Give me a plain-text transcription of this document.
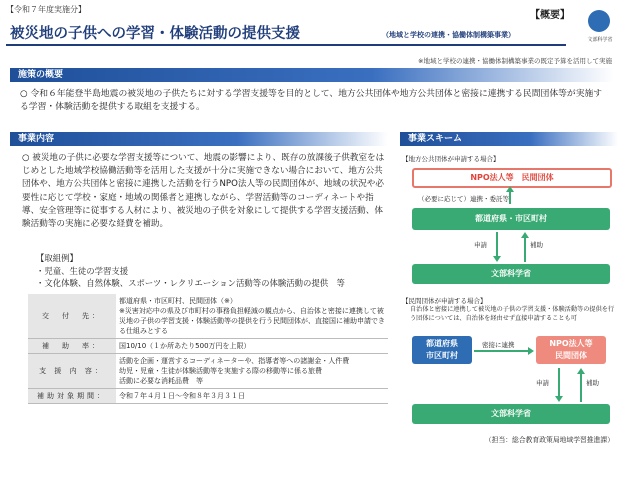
【令和７年度実施分】
【概要】
被災地の子供への学習・体験活動の提供支援	（地域と学校の連携・協働体制構築事業）
文部科学省
※地域と学校の連携・協働体制構築事業の既定予算を活用して実施
施策の概要
○ 令和６年能登半島地震の被災地の子供たちに対する学習支援等を目的として、地方公共団体や地方公共団体と密接に連携する民間団体等が実施する学習・体験活動を提供する取組を支援する。
事業内容
○ 被災地の子供に必要な学習支援等について、地震の影響により、既存の放課後子供教室をはじめとした地域学校協働活動等を活用した支援が十分に実施できない場合において、地方公共団体や、地方公共団体と密接に連携した活動を行うNPO法人等の民間団体が、地域の状況や必要性に応じて学校・家庭・地域の関係者と連携しながら、学習活動等のコーディネートや指導、安全管理等に従事する人材により、被災地の子供を対象にして提供する学習支援活動、体験活動等の実施に必要な経費を補助。
【取組例】
・児童、生徒の学習支援
・文化体験、自然体験、スポーツ・レクリエーション活動等の体験活動の提供　等
交　付　先：	都道府県・市区町村、民間団体（※）
※災害対応中の県及び市町村の事務負担軽減の観点から、自治体と密接に連携して被災地の子供の学習支援・体験活動等の提供を行う民間団体が、直接国に補助申請できる仕組みとする

補　助　率：	国10/10（１か所あたり500万円を上限）
支 援 内 容：	活動を企画・運営するコーディネーターや、指導者等への諸謝金・人件費
幼児・児童・生徒が体験活動等を実施する際の移動等に係る旅費
活動に必要な消耗品費　等

補助対象期間：	令和７年４月１日～令和８年３月３１日
事業スキーム
【地方公共団体が申請する場合】
NPO法人等　民間団体
（必要に応じて）連携・委託等
都道府県・市区町村
申請	補助
文部科学省
【民間団体が申請する場合】
自治体と密接に連携して被災地の子供の学習支援・体験活動等の提供を行う団体については、自治体を経由せず直接申請することも可
都道府県
市区町村
密接に連携	NPO法人等
民間団体
申請	補助
文部科学省
（担当：総合教育政策局地域学習推進課）
